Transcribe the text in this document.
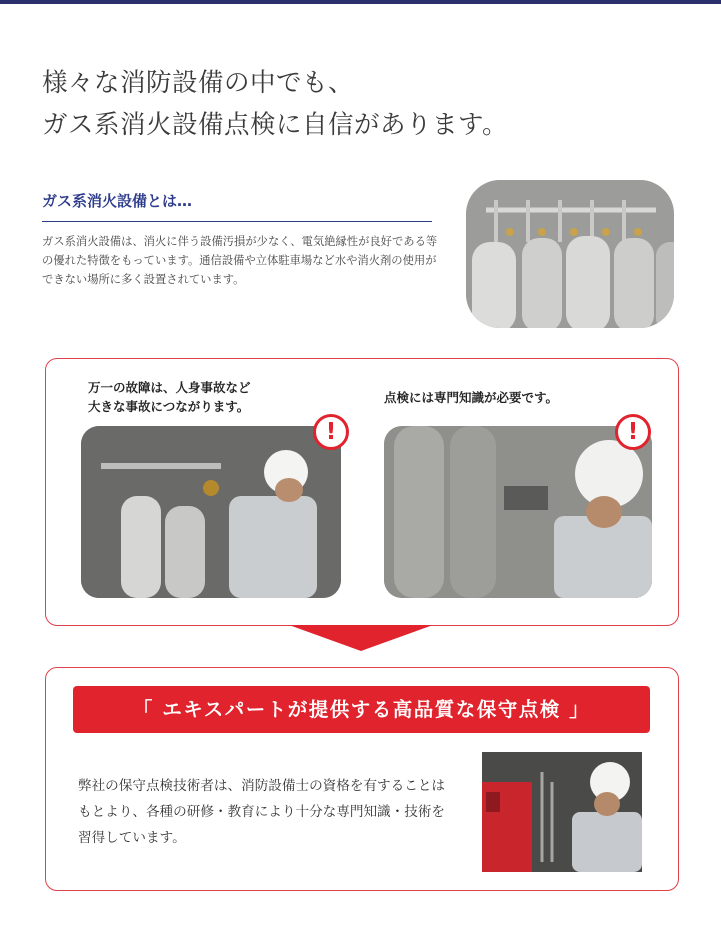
様々な消防設備の中でも、
ガス系消火設備点検に自信があります。
ガス系消火設備とは…

ガス系消火設備は、消火に伴う設備汚損が少なく、電気絶縁性が良好である等の優れた特徴をもっています。通信設備や立体駐車場など水や消火剤の使用ができない場所に多く設置されています。

万一の故障は、人身事故など
大きな事故につながります。

点検には専門知識が必要です。

!	!
「 エキスパートが提供する高品質な保守点検 」

弊社の保守点検技術者は、消防設備士の資格を有することはもとより、各種の研修・教育により十分な専門知識・技術を習得しています。
